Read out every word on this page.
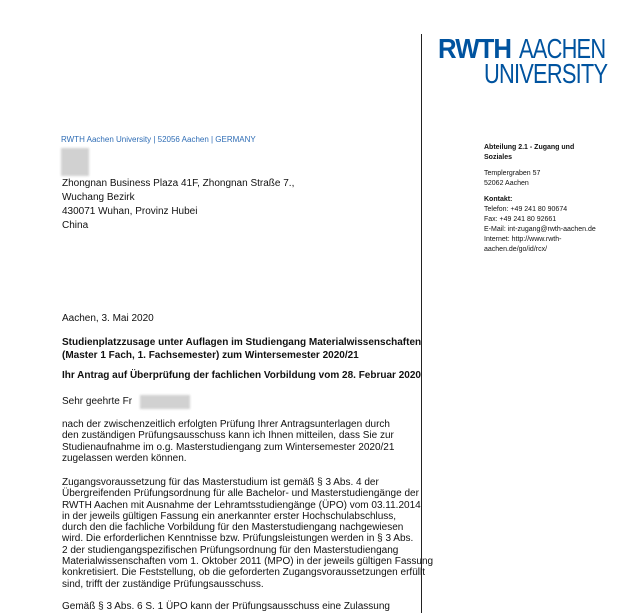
RWTH AACHEN
UNIVERSITY
RWTH Aachen University | 52056 Aachen | GERMANY
Zhongnan Business Plaza 41F, Zhongnan Straße 7.,
Wuchang Bezirk
430071 Wuhan, Provinz Hubei
China
Abteilung 2.1 - Zugang und Soziales
Templergraben 57
52062 Aachen
Kontakt:
Telefon: +49 241 80 90674
Fax: +49 241 80 92661
E-Mail: int-zugang@rwth-aachen.de
Internet: http://www.rwth-aachen.de/go/id/rcx/
Aachen, 3. Mai 2020
Studienplatzzusage unter Auflagen im Studiengang Materialwissenschaften
(Master 1 Fach, 1. Fachsemester) zum Wintersemester 2020/21
Ihr Antrag auf Überprüfung der fachlichen Vorbildung vom 28. Februar 2020
Sehr geehrte Fr
nach der zwischenzeitlich erfolgten Prüfung Ihrer Antragsunterlagen durch
den zuständigen Prüfungsausschuss kann ich Ihnen mitteilen, dass Sie zur
Studienaufnahme im o.g. Masterstudiengang zum Wintersemester 2020/21
zugelassen werden können.
Zugangsvoraussetzung für das Masterstudium ist gemäß § 3 Abs. 4 der
Übergreifenden Prüfungsordnung für alle Bachelor- und Masterstudiengänge der
RWTH Aachen mit Ausnahme der Lehramtsstudiengänge (ÜPO) vom 03.11.2014
in der jeweils gültigen Fassung ein anerkannter erster Hochschulabschluss,
durch den die fachliche Vorbildung für den Masterstudiengang nachgewiesen
wird. Die erforderlichen Kenntnisse bzw. Prüfungsleistungen werden in § 3 Abs.
2 der studiengangspezifischen Prüfungsordnung für den Masterstudiengang
Materialwissenschaften vom 1. Oktober 2011 (MPO) in der jeweils gültigen Fassung
konkretisiert. Die Feststellung, ob die geforderten Zugangsvoraussetzungen erfüllt
sind, trifft der zuständige Prüfungsausschuss.
Gemäß § 3 Abs. 6 S. 1 ÜPO kann der Prüfungsausschuss eine Zulassung
